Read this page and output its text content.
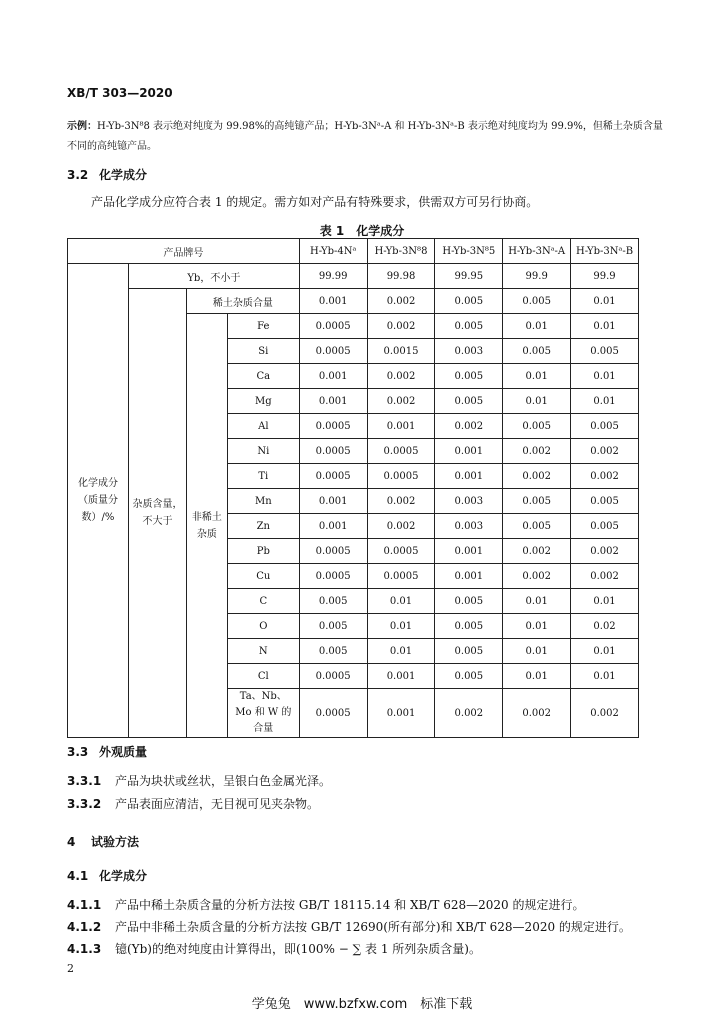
XB/T 303—2020
示例：H-Yb-3N⁸8 表示绝对纯度为 99.98%的高纯镱产品；H-Yb-3Nᵃ-A 和 H-Yb-3Nᵃ-B 表示绝对纯度均为 99.9%，但稀土杂质含量不同的高纯镱产品。
3.2 化学成分
产品化学成分应符合表 1 的规定。需方如对产品有特殊要求，供需双方可另行协商。
表 1　化学成分
产品牌号				H-Yb-4Nᵃ	H-Yb-3N⁸8	H-Yb-3N⁸5	H-Yb-3Nᵃ-A	H-Yb-3Nᵃ-B
化学成分（质量分数）/%	Yb，不小于			99.99	99.98	99.95	99.9	99.9
	杂质含量，不大于	稀土杂质合量		0.001	0.002	0.005	0.005	0.01
		非稀土杂质	Fe	0.0005	0.002	0.005	0.01	0.01
			Si	0.0005	0.0015	0.003	0.005	0.005
			Ca	0.001	0.002	0.005	0.01	0.01
			Mg	0.001	0.002	0.005	0.01	0.01
			Al	0.0005	0.001	0.002	0.005	0.005
			Ni	0.0005	0.0005	0.001	0.002	0.002
			Ti	0.0005	0.0005	0.001	0.002	0.002
			Mn	0.001	0.002	0.003	0.005	0.005
			Zn	0.001	0.002	0.003	0.005	0.005
			Pb	0.0005	0.0005	0.001	0.002	0.002
			Cu	0.0005	0.0005	0.001	0.002	0.002
			C	0.005	0.01	0.005	0.01	0.01
			O	0.005	0.01	0.005	0.01	0.02
			N	0.005	0.01	0.005	0.01	0.01
			Cl	0.0005	0.001	0.005	0.01	0.01
			Ta、Nb、Mo 和 W 的合量	0.0005	0.001	0.002	0.002	0.002
3.3 外观质量
3.3.1 产品为块状或丝状，呈银白色金属光泽。
3.3.2 产品表面应清洁，无目视可见夹杂物。
4 试验方法
4.1 化学成分
4.1.1 产品中稀土杂质含量的分析方法按 GB/T 18115.14 和 XB/T 628—2020 的规定进行。
4.1.2 产品中非稀土杂质含量的分析方法按 GB/T 12690(所有部分)和 XB/T 628—2020 的规定进行。
4.1.3 镱(Yb)的绝对纯度由计算得出，即(100% − ∑ 表 1 所列杂质含量)。
2
学兔兔　www.bzfxw.com　标准下载
